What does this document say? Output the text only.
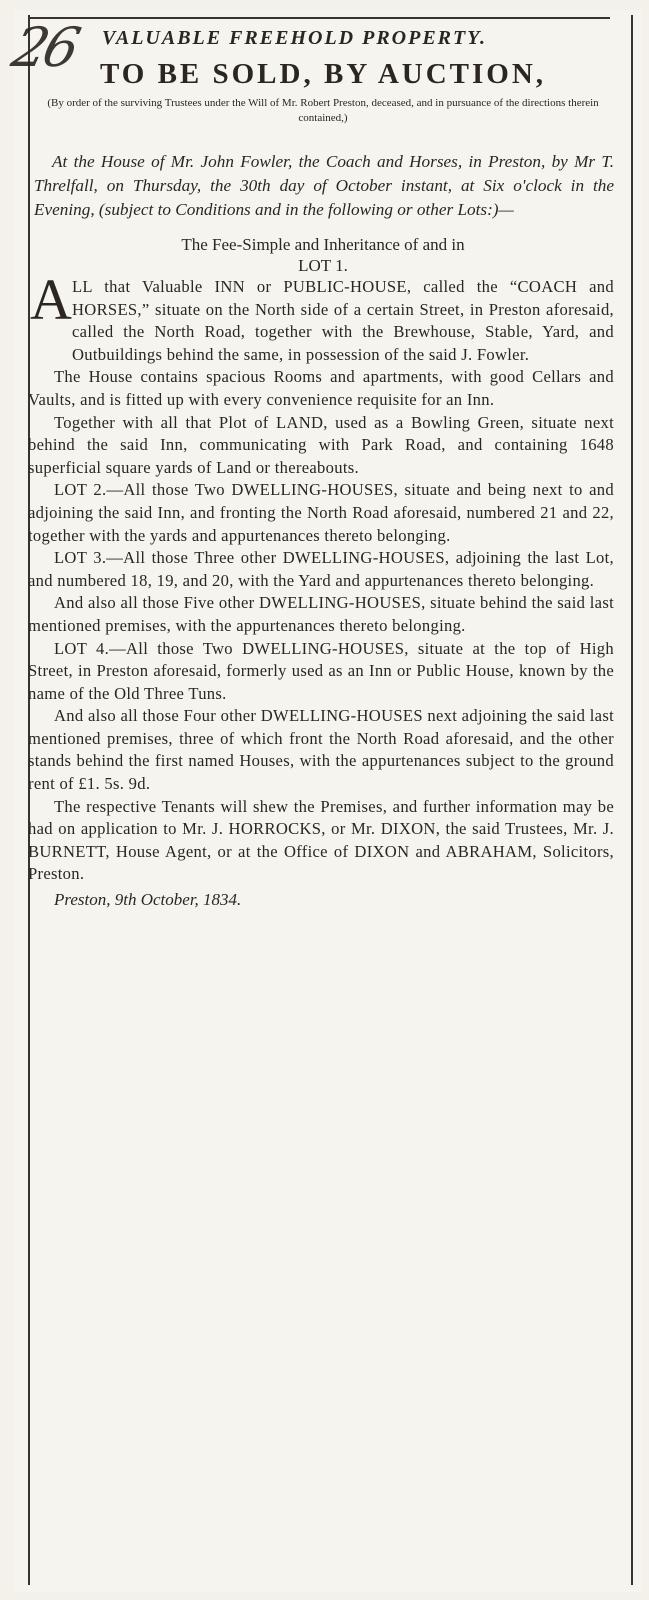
26 VALUABLE FREEHOLD PROPERTY.
TO BE SOLD, BY AUCTION,
(By order of the surviving Trustees under the Will of Mr. Robert Preston, deceased, and in pursuance of the directions therein contained,)
At the House of Mr. John Fowler, the Coach and Horses, in Preston, by Mr T. Threlfall, on Thursday, the 30th day of October instant, at Six o'clock in the Evening, (subject to Conditions and in the following or other Lots:)—
The Fee-Simple and Inheritance of and in
LOT 1.
A LL that Valuable INN or PUBLIC-HOUSE, called the “COACH and HORSES,” situate on the North side of a certain Street, in Preston aforesaid, called the North Road, together with the Brewhouse, Stable, Yard, and Outbuildings behind the same, in possession of the said J. Fowler.
The House contains spacious Rooms and apartments, with good Cellars and Vaults, and is fitted up with every convenience requisite for an Inn.
Together with all that Plot of LAND, used as a Bowling Green, situate next behind the said Inn, communicating with Park Road, and containing 1648 superficial square yards of Land or thereabouts.
LOT 2.—All those Two DWELLING-HOUSES, situate and being next to and adjoining the said Inn, and fronting the North Road aforesaid, numbered 21 and 22, together with the yards and appurtenances thereto belonging.
LOT 3.—All those Three other DWELLING-HOUSES, adjoining the last Lot, and numbered 18, 19, and 20, with the Yard and appurtenances thereto belonging.
And also all those Five other DWELLING-HOUSES, situate behind the said last mentioned premises, with the appurtenances thereto belonging.
LOT 4.—All those Two DWELLING-HOUSES, situate at the top of High Street, in Preston aforesaid, formerly used as an Inn or Public House, known by the name of the Old Three Tuns.
And also all those Four other DWELLING-HOUSES next adjoining the said last mentioned premises, three of which front the North Road aforesaid, and the other stands behind the first named Houses, with the appurtenances subject to the ground rent of £1. 5s. 9d.
The respective Tenants will shew the Premises, and further information may be had on application to Mr. J. HORROCKS, or Mr. DIXON, the said Trustees, Mr. J. BURNETT, House Agent, or at the Office of DIXON and ABRAHAM, Solicitors, Preston.
Preston, 9th October, 1834.
